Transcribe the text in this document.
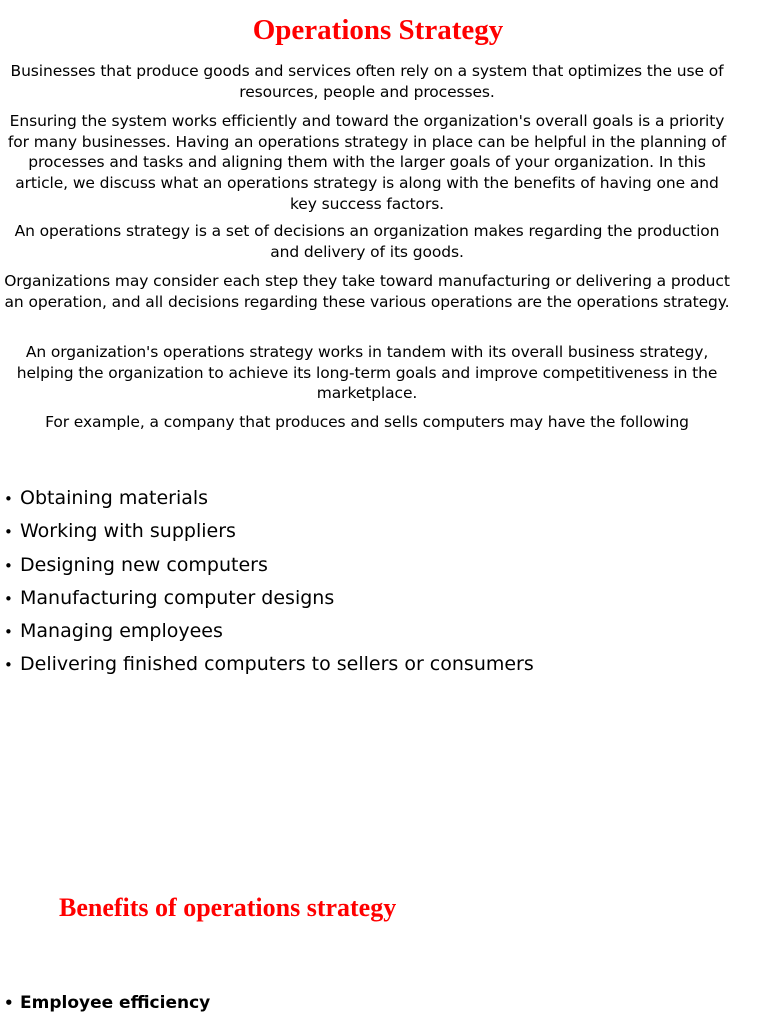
Operations Strategy

Businesses that produce goods and services often rely on a system that optimizes the use of resources, people and processes.

Ensuring the system works efficiently and toward the organization's overall goals is a priority for many businesses. Having an operations strategy in place can be helpful in the planning of processes and tasks and aligning them with the larger goals of your organization. In this article, we discuss what an operations strategy is along with the benefits of having one and key success factors.

An operations strategy is a set of decisions an organization makes regarding the production and delivery of its goods.

Organizations may consider each step they take toward manufacturing or delivering a product an operation, and all decisions regarding these various operations are the operations strategy.

An organization's operations strategy works in tandem with its overall business strategy, helping the organization to achieve its long-term goals and improve competitiveness in the marketplace.

For example, a company that produces and sells computers may have the following

• Obtaining materials
• Working with suppliers
• Designing new computers
• Manufacturing computer designs
• Managing employees
• Delivering finished computers to sellers or consumers
Benefits of operations strategy
• Employee efficiency
